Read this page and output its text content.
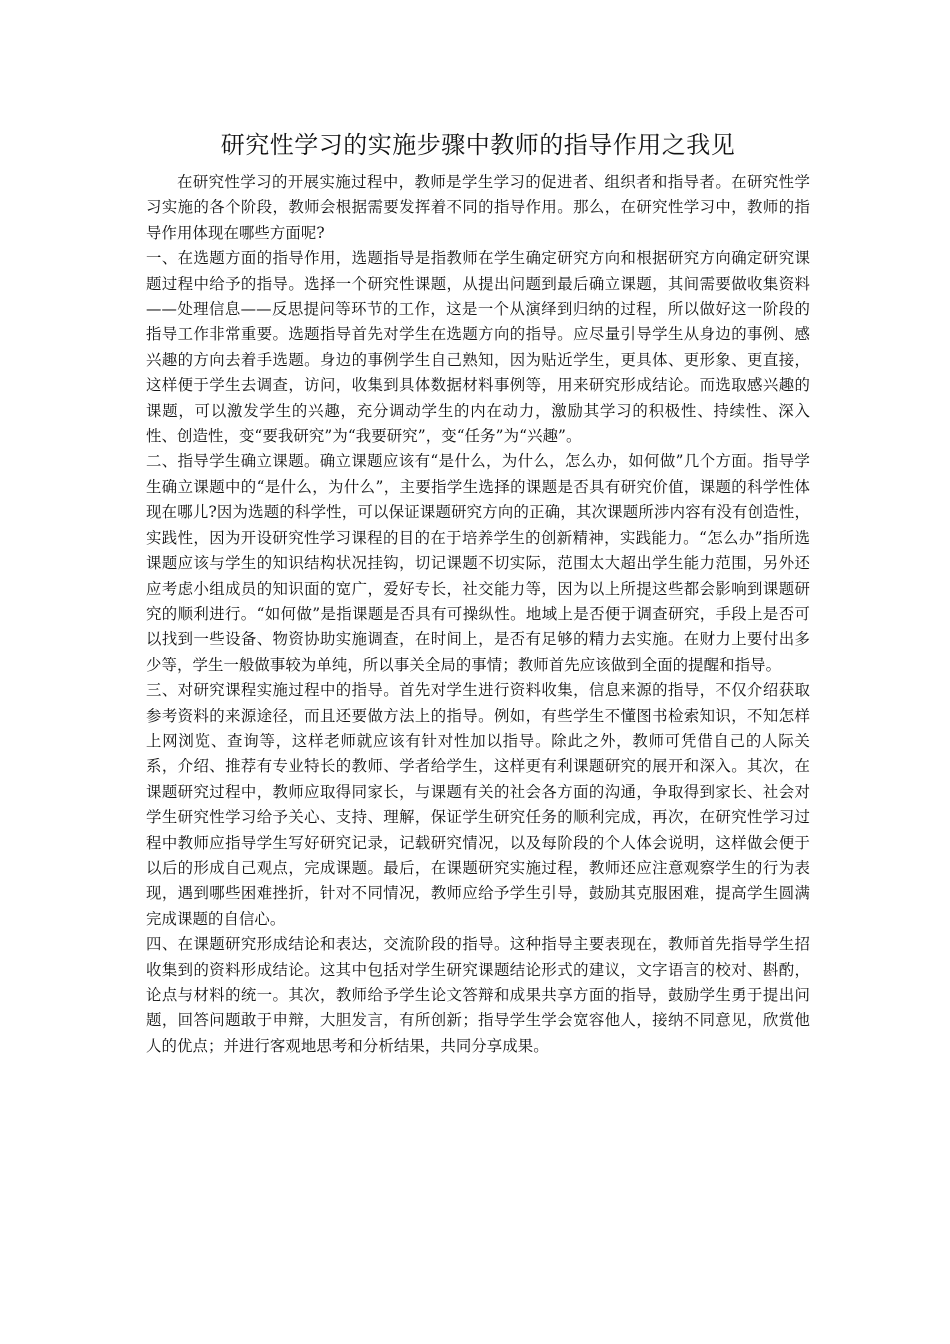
研究性学习的实施步骤中教师的指导作用之我见

在研究性学习的开展实施过程中，教师是学生学习的促进者、组织者和指导者。在研究性学习实施的各个阶段，教师会根据需要发挥着不同的指导作用。那么，在研究性学习中，教师的指导作用体现在哪些方面呢?

一、在选题方面的指导作用，选题指导是指教师在学生确定研究方向和根据研究方向确定研究课题过程中给予的指导。选择一个研究性课题，从提出问题到最后确立课题，其间需要做收集资料——处理信息——反思提问等环节的工作，这是一个从演绎到归纳的过程，所以做好这一阶段的指导工作非常重要。选题指导首先对学生在选题方向的指导。应尽量引导学生从身边的事例、感兴趣的方向去着手选题。身边的事例学生自己熟知，因为贴近学生，更具体、更形象、更直接，这样便于学生去调查，访问，收集到具体数据材料事例等，用来研究形成结论。而选取感兴趣的课题，可以激发学生的兴趣，充分调动学生的内在动力，激励其学习的积极性、持续性、深入性、创造性，变“要我研究”为“我要研究”，变“任务”为“兴趣”。

二、指导学生确立课题。确立课题应该有“是什么，为什么，怎么办，如何做”几个方面。指导学生确立课题中的“是什么，为什么”，主要指学生选择的课题是否具有研究价值，课题的科学性体现在哪儿?因为选题的科学性，可以保证课题研究方向的正确，其次课题所涉内容有没有创造性，实践性，因为开设研究性学习课程的目的在于培养学生的创新精神，实践能力。“怎么办”指所选课题应该与学生的知识结构状况挂钩，切记课题不切实际，范围太大超出学生能力范围，另外还应考虑小组成员的知识面的宽广，爱好专长，社交能力等，因为以上所提这些都会影响到课题研究的顺利进行。“如何做”是指课题是否具有可操纵性。地域上是否便于调查研究，手段上是否可以找到一些设备、物资协助实施调查，在时间上，是否有足够的精力去实施。在财力上要付出多少等，学生一般做事较为单纯，所以事关全局的事情；教师首先应该做到全面的提醒和指导。

三、对研究课程实施过程中的指导。首先对学生进行资料收集，信息来源的指导，不仅介绍获取参考资料的来源途径，而且还要做方法上的指导。例如，有些学生不懂图书检索知识，不知怎样上网浏览、查询等，这样老师就应该有针对性加以指导。除此之外，教师可凭借自己的人际关系，介绍、推荐有专业特长的教师、学者给学生，这样更有利课题研究的展开和深入。其次，在课题研究过程中，教师应取得同家长，与课题有关的社会各方面的沟通，争取得到家长、社会对学生研究性学习给予关心、支持、理解，保证学生研究任务的顺利完成，再次，在研究性学习过程中教师应指导学生写好研究记录，记载研究情况，以及每阶段的个人体会说明，这样做会便于以后的形成自己观点，完成课题。最后，在课题研究实施过程，教师还应注意观察学生的行为表现，遇到哪些困难挫折，针对不同情况，教师应给予学生引导，鼓励其克服困难，提高学生圆满完成课题的自信心。

四、在课题研究形成结论和表达，交流阶段的指导。这种指导主要表现在，教师首先指导学生招收集到的资料形成结论。这其中包括对学生研究课题结论形式的建议，文字语言的校对、斟酌，论点与材料的统一。其次，教师给予学生论文答辩和成果共享方面的指导，鼓励学生勇于提出问题，回答问题敢于申辩，大胆发言，有所创新；指导学生学会宽容他人，接纳不同意见，欣赏他人的优点；并进行客观地思考和分析结果，共同分享成果。
